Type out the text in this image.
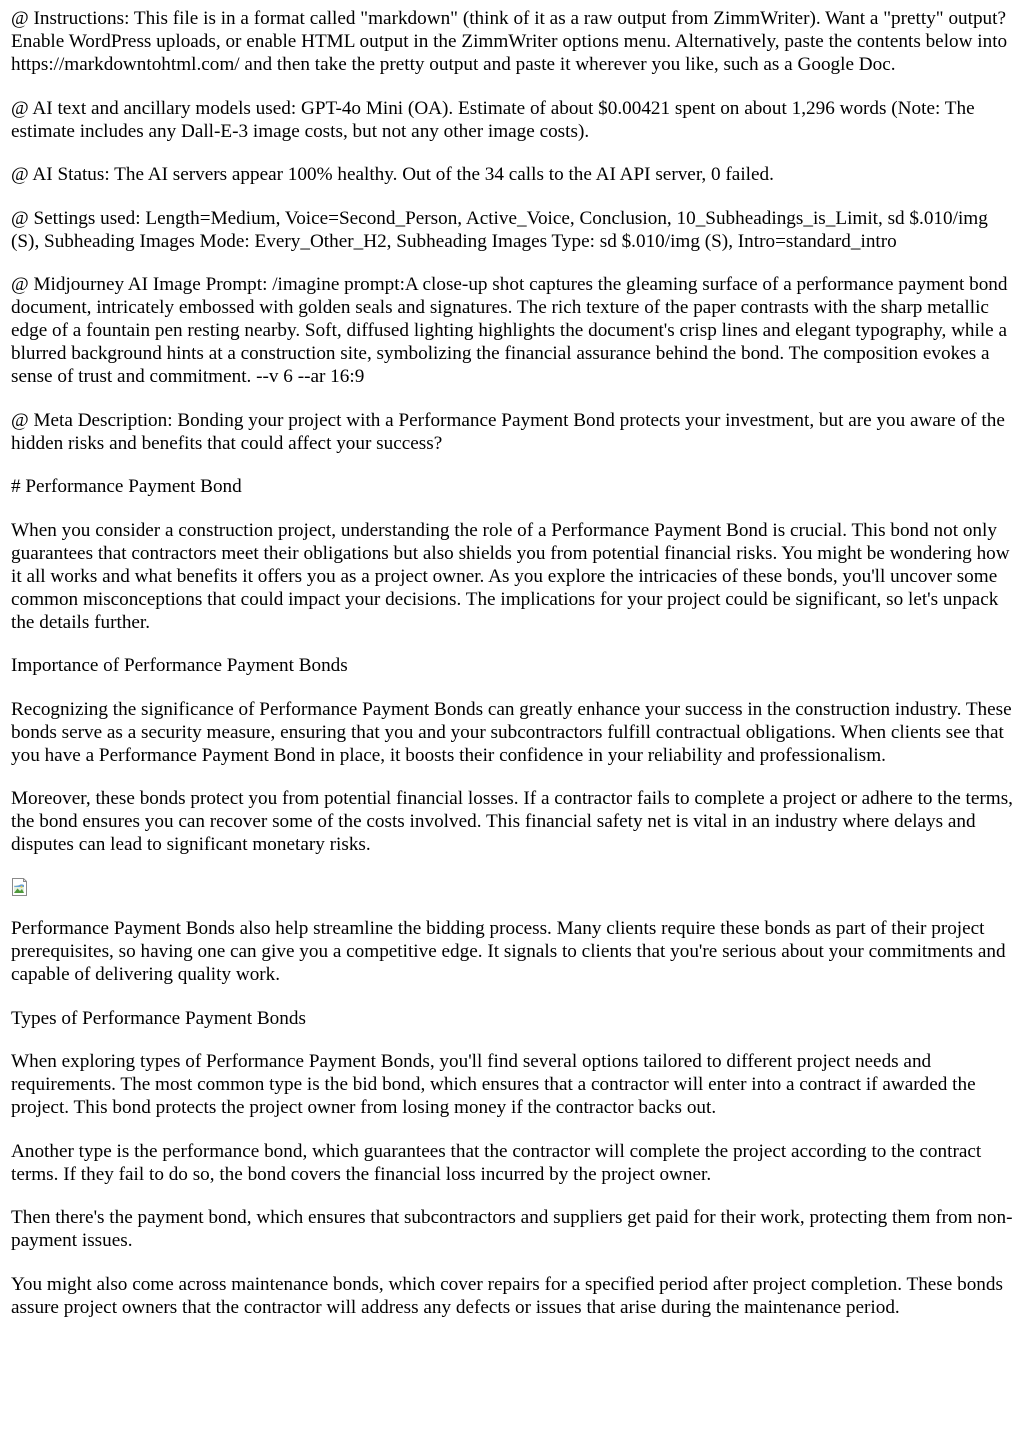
@ Instructions: This file is in a format called "markdown" (think of it as a raw output from ZimmWriter). Want a "pretty" output? Enable WordPress uploads, or enable HTML output in the ZimmWriter options menu. Alternatively, paste the contents below into https://markdowntohtml.com/ and then take the pretty output and paste it wherever you like, such as a Google Doc.

@ AI text and ancillary models used: GPT-4o Mini (OA). Estimate of about $0.00421 spent on about 1,296 words (Note: The estimate includes any Dall-E-3 image costs, but not any other image costs).

@ AI Status: The AI servers appear 100% healthy. Out of the 34 calls to the AI API server, 0 failed.

@ Settings used: Length=Medium, Voice=Second_Person, Active_Voice, Conclusion, 10_Subheadings_is_Limit, sd $.010/img (S), Subheading Images Mode: Every_Other_H2, Subheading Images Type: sd $.010/img (S), Intro=standard_intro

@ Midjourney AI Image Prompt: /imagine prompt:A close-up shot captures the gleaming surface of a performance payment bond document, intricately embossed with golden seals and signatures. The rich texture of the paper contrasts with the sharp metallic edge of a fountain pen resting nearby. Soft, diffused lighting highlights the document's crisp lines and elegant typography, while a blurred background hints at a construction site, symbolizing the financial assurance behind the bond. The composition evokes a sense of trust and commitment. --v 6 --ar 16:9

@ Meta Description: Bonding your project with a Performance Payment Bond protects your investment, but are you aware of the hidden risks and benefits that could affect your success?

# Performance Payment Bond

When you consider a construction project, understanding the role of a Performance Payment Bond is crucial. This bond not only guarantees that contractors meet their obligations but also shields you from potential financial risks. You might be wondering how it all works and what benefits it offers you as a project owner. As you explore the intricacies of these bonds, you'll uncover some common misconceptions that could impact your decisions. The implications for your project could be significant, so let's unpack the details further.

Importance of Performance Payment Bonds

Recognizing the significance of Performance Payment Bonds can greatly enhance your success in the construction industry. These bonds serve as a security measure, ensuring that you and your subcontractors fulfill contractual obligations. When clients see that you have a Performance Payment Bond in place, it boosts their confidence in your reliability and professionalism.

Moreover, these bonds protect you from potential financial losses. If a contractor fails to complete a project or adhere to the terms, the bond ensures you can recover some of the costs involved. This financial safety net is vital in an industry where delays and disputes can lead to significant monetary risks.

Performance Payment Bonds also help streamline the bidding process. Many clients require these bonds as part of their project prerequisites, so having one can give you a competitive edge. It signals to clients that you're serious about your commitments and capable of delivering quality work.

Types of Performance Payment Bonds

When exploring types of Performance Payment Bonds, you'll find several options tailored to different project needs and requirements. The most common type is the bid bond, which ensures that a contractor will enter into a contract if awarded the project. This bond protects the project owner from losing money if the contractor backs out.

Another type is the performance bond, which guarantees that the contractor will complete the project according to the contract terms. If they fail to do so, the bond covers the financial loss incurred by the project owner.

Then there's the payment bond, which ensures that subcontractors and suppliers get paid for their work, protecting them from non-payment issues.

You might also come across maintenance bonds, which cover repairs for a specified period after project completion. These bonds assure project owners that the contractor will address any defects or issues that arise during the maintenance period.
